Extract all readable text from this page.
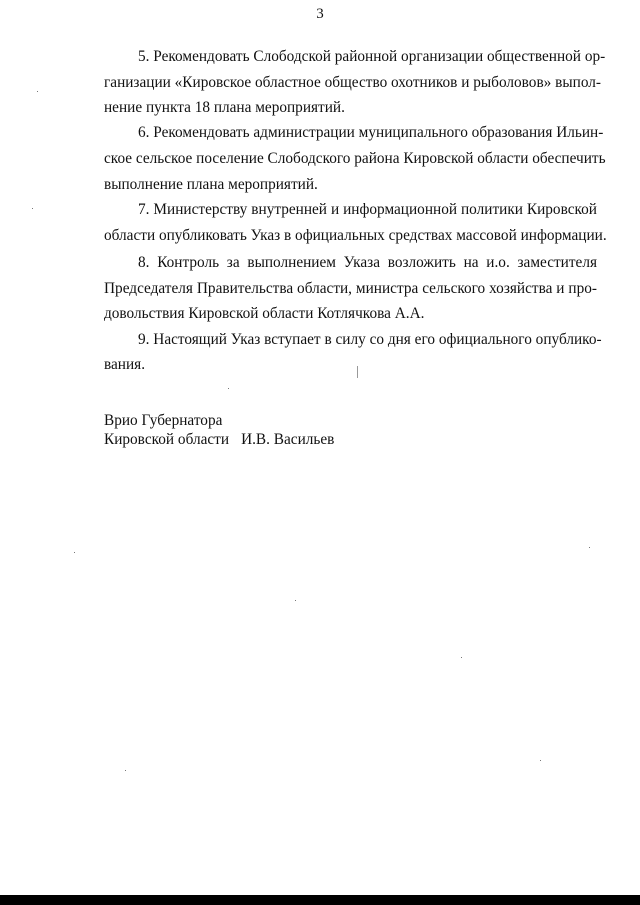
3
5. Рекомендовать Слободской районной организации общественной ор-
ганизации «Кировское областное общество охотников и рыболовов» выпол-
нение пункта 18 плана мероприятий.
6. Рекомендовать администрации муниципального образования Ильин-
ское сельское поселение Слободского района Кировской области обеспечить
выполнение плана мероприятий.
7. Министерству внутренней и информационной политики Кировской
области опубликовать Указ в официальных средствах массовой информации.
8. Контроль за выполнением Указа возложить на и.о. заместителя
Председателя Правительства области, министра сельского хозяйства и про-
довольствия Кировской области Котлячкова А.А.
9. Настоящий Указ вступает в силу со дня его официального опублико-
вания.
Врио Губернатора
Кировской области И.В. Васильев
